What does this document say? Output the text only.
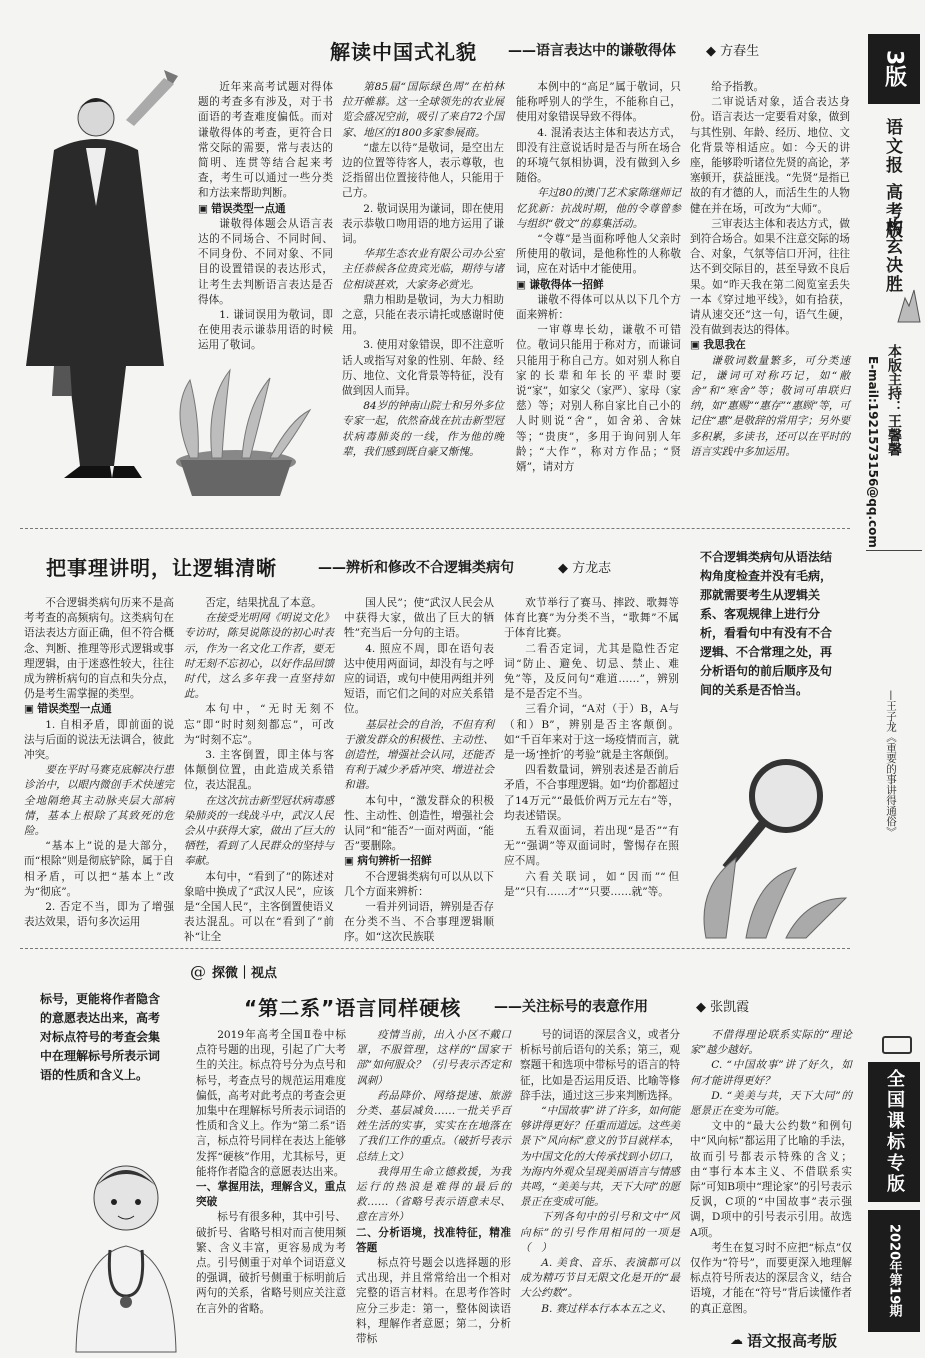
3版
语文报 高考版
构玄决胜
本版主持：王馨馨
E-mail:1921573156@qq.com
—王子龙《重要的事讲得通俗》
全国课标专版
2020年第19期
解读中国式礼貌 ——语言表达中的谦敬得体 ◆ 方春生

近年来高考试题对得体题的考查多有涉及，对于书面语的考查难度偏低。而对谦敬得体的考查，更符合日常交际的需要，常与表达的简明、连贯等结合起来考查，考生可以通过一些分类和方法来帮助判断。

▣ 错误类型一点通

谦敬得体题会从语言表达的不同场合、不同时间、不同身份、不同对象、不同目的设置错误的表达形式，让考生去判断语言表达是否得体。

1. 谦词误用为敬词，即在使用表示谦恭用语的时候运用了敬词。

第85届“国际绿色周”在柏林拉开帷幕。这一全球领先的农业展览会盛况空前，吸引了来自72个国家、地区的1800多家参展商。

“虚左以待”是敬词，是空出左边的位置等待客人，表示尊敬，也泛指留出位置接待他人，只能用于己方。

2. 敬词误用为谦词，即在使用表示恭敬口吻用语的地方运用了谦词。

华邦生态农业有限公司办公室主任恭候各位贵宾光临，期待与诸位相谈甚欢，大家务必赏光。

鼎力相助是敬词，为大力相助之意，只能在表示请托或感谢时使用。

3. 使用对象错误，即不注意听话人或指写对象的性别、年龄、经历、地位、文化背景等特征，没有做到因人而异。

84岁的钟南山院士和另外多位专家一起，依然奋战在抗击新型冠状病毒肺炎的一线，作为他的晚辈，我们感到既自豪又惭愧。

本例中的“高足”属于敬词，只能称呼别人的学生，不能称自己，使用对象错误导致不得体。

4. 混淆表达主体和表达方式，即没有注意说话时是否与所在场合的环境气氛相协调，没有做到入乡随俗。

年过80的澳门艺术家陈继师记忆犹新：抗战时期，他的令尊曾参与组织“敬文”的募集活动。

“令尊”是当面称呼他人父亲时所使用的敬词，是他称性的人称敬词，应在对话中才能使用。

▣ 谦敬得体一招鲜

谦敬不得体可以从以下几个方面来辨析：

一审尊卑长幼，谦敬不可错位。敬词只能用于称对方，而谦词只能用于称自己方。如对别人称自家的长辈和年长的平辈时要说“家”，如家父（家严）、家母（家慈）等；对别人称自家比自己小的人时则说“舍”，如舍弟、舍妹等；“贵庚”，多用于询问别人年龄；“大作”，称对方作品；“贤婿”，请对方

给予指教。

二审说话对象，适合表达身份。语言表达一定要看对象，做到与其性别、年龄、经历、地位、文化背景等相适应。如：今天的讲座，能够聆听诸位先贤的高论，茅塞顿开，获益匪浅。“先贤”是指已故的有才德的人，而活生生的人物健在并在场，可改为“大师”。

三审表达主体和表达方式，做到符合场合。如果不注意交际的场合、对象，气氛等信口开河，往往达不到交际目的，甚至导致不良后果。如“昨天我在第二阅览室丢失一本《穿过地平线》，如有拾获，请从速交还”这一句，语气生硬，没有做到表达的得体。

▣ 我思我在

谦敬词数量繁多，可分类速记，谦词可对称巧记，如“敝舍”和“寒舍”等；敬词可串联归纳，如“惠赐”“惠存”“惠顾”等，可记住“惠”是敬辞的常用字；另外要多积累，多读书，还可以在平时的语言实践中多加运用。

把事理讲明，让逻辑清晰	——辨析和修改不合逻辑类病句	◆ 方龙志

不合逻辑类病句历来不是高考考查的高频病句。这类病句在语法表达方面正确，但不符合概念、判断、推理等形式逻辑或事理逻辑，由于迷惑性较大，往往成为辨析病句的盲点和失分点，仍是考生需掌握的类型。

▣ 错误类型一点通

1. 自相矛盾，即前面的说法与后面的说法无法调合，彼此冲突。

要在平时马赛克底解决行患诊治中，以眼内微创手术快速完全地隔绝其主动脉夹层大部病情，基本上根除了其致死的危险。

“基本上”说的是大部分，而“根除”则是彻底铲除，属于自相矛盾，可以把“基本上”改为“彻底”。

2. 否定不当，即为了增强表达效果，语句多次运用

否定，结果扰乱了本意。

在接受光明网《明说文化》专访时，陈昊说陈设的初心时表示，作为一名文化工作者，要无时无刻不忘初心，以好作品回馈时代，这么多年我一直坚持如此。

本句中，“无时无刻不忘”即“时时刻刻都忘”，可改为“时刻不忘”。

3. 主客倒置，即主体与客体颠倒位置，由此造成关系错位，表达混乱。

在这次抗击新型冠状病毒感染肺炎的一线战斗中，武汉人民会从中获得大家，做出了巨大的牺牲，看到了人民群众的坚持与奉献。

本句中，“看到了”的陈述对象暗中换成了“武汉人民”，应该是“全国人民”，主客倒置使语义表达混乱。可以在“看到了”前补“让全

国人民”；使“武汉人民会从中获得大家，做出了巨大的牺牲”充当后一分句的主语。

4. 照应不周，即在语句表达中使用两面词，却没有与之呼应的词语，或句中使用两组并列短语，而它们之间的对应关系错位。

基层社会的自治，不但有利于激发群众的积极性、主动性、创造性，增强社会认同，还能否有利于减少矛盾冲突、增进社会和谐。

本句中，“激发群众的积极性、主动性、创造性，增强社会认同”和“能否”一面对两面，“能否”要删除。

▣ 病句辨析一招鲜

不合逻辑类病句可以从以下几个方面来辨析：

一看并列词语，辨别是否存在分类不当、不合事理逻辑顺序。如“这次民族联

欢节举行了赛马、摔跤、歌舞等体育比赛”为分类不当，“歌舞”不属于体育比赛。

二看否定词，尤其是隐性否定词“防止、避免、切忌、禁止、难免”等，及反问句“难道……”，辨别是不是否定不当。

三看介词，“A对（于）B，A与（和）B”，辨别是否主客颠倒。如“千百年来对于这一场疫情而言，就是一场‘挫折’的考验”就是主客颠倒。

四看数量词，辨别表述是否前后矛盾，不合事理逻辑。如“均价都超过了14万元”“最低价两万元左右”等，均表述错误。

五看双面词，若出现“是否”“有无”“强调”等双面词时，警惕存在照应不周。

六看关联词，如“因而”“但是”“只有……才”“只要……就”等。

不合逻辑类病句从语法结构角度检查并没有毛病，那就需要考生从逻辑关系、客观规律上进行分析，看看句中有没有不合逻辑、不合常理之处，再分析语句的前后顺序及句间的关系是否恰当。
@ 探微｜视点
“第二系”语言同样硬核 ——关注标号的表意作用	◆ 张凯霞
标号，更能将作者隐含的意愿表达出来，高考对标点符号的考查会集中在理解标号所表示词语的性质和含义上。

2019年高考全国Ⅱ卷中标点符号题的出现，引起了广大考生的关注。标点符号分为点号和标号，考查点号的规范运用难度偏低，高考对此考点的考查会更加集中在理解标号所表示词语的性质和含义上。作为“第二系”语言，标点符号同样在表达上能够发挥“硬核”作用，尤其标号，更能将作者隐含的意愿表达出来。

一、掌握用法，理解含义，重点突破

标号有很多种，其中引号、破折号、省略号相对而言使用频繁、含义丰富，更容易成为考点。引号侧重于对单个词语意义的强调，破折号侧重于标明前后两句的关系，省略号则应关注意在言外的省略。

疫情当前，出入小区不戴口罩，不服管理，这样的“国家干部”如何服众？（引号表示否定和讽刺）

药品降价、网络提速、旅游分类、基层减负……一批关乎百姓生活的实事，实实在在地落在了我们工作的重点。（破折号表示总结上文）

我得用生命立德救援，为我运行的热浪是难得的最后的救……（省略号表示语意未尽、意在言外）

二、分析语境，找准特征，精准答题

标点符号题会以选择题的形式出现，并且常常给出一个相对完整的语言材料。在思考作答时应分三步走：第一，整体阅读语料，理解作者意愿；第二，分析带标

号的词语的深层含义，或者分析标号前后语句的关系；第三，观察题干和选项中带标号的语言的特征，比如是否运用反语、比喻等修辞手法，通过这三步来判断选择。

“中国故事”讲了许多，如何能够讲得更好？任重而道远。这些美景下“风向标”意义的节目就样本，为中国文化的大传承找到小切口，为海内外观众呈现美丽语言与情感共鸣，“美美与共，天下大同”的愿景正在变成可能。

下列各句中的引号和文中“风向标”的引号作用相同的一项是（　）

A. 美食、音乐、表演都可以成为精巧节目无限文化是开的“最大公约数”。

B. 赛过样本行本本五之义、

不借得理论联系实际的“理论家”越少越好。

C. “中国故事”讲了好久，如何才能讲得更好？

D. “美美与共，天下大同”的愿景正在变为可能。

文中的“最大公约数”和例句中“风向标”都运用了比喻的手法，故而引号都表示特殊的含义；由“事行本本主义、不借联系实际”可知B项中“理论家”的引号表示反讽，C项的“中国故事”表示强调，D项中的引号表示引用。故选A项。

考生在复习时不应把“标点”仅仅作为“符号”，而要更深入地理解标点符号所表达的深层含义，结合语境，才能在“符号”背后读懂作者的真正意图。

☁ 语文报高考版
